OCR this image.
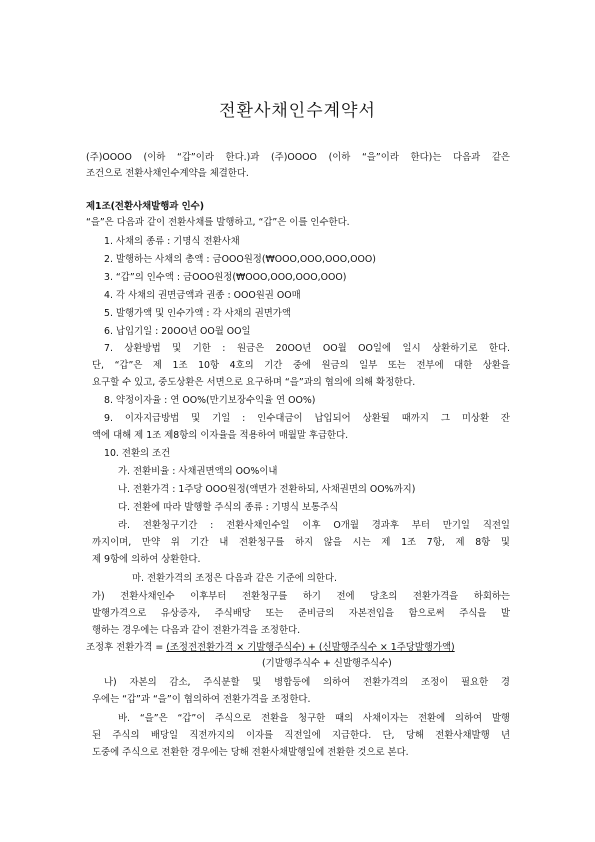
전환사채인수계약서
(주)OOOO (이하 “갑”이라 한다.)과 (주)OOOO (이하 “을”이라 한다)는 다음과 같은
조건으로 전환사채인수계약을 체결한다.
제1조(전환사채발행과 인수)
“을”은 다음과 같이 전환사채를 발행하고, “갑”은 이를 인수한다.
1. 사채의 종류 : 기명식 전환사채
2. 발행하는 사채의 총액 : 금OOO원정(₩OOO,OOO,OOO,OOO)
3. “갑”의 인수액 : 금OOO원정(₩OOO,OOO,OOO,OOO)
4. 각 사채의 권면금액과 권종 : OOO원권 OO매
5. 발행가액 및 인수가액 : 각 사채의 권면가액
6. 납입기일 : 20OO년 OO월 OO일
7. 상환방법 및 기한 : 원금은 20OO년 OO월 OO일에 일시 상환하기로 한다.
단, “갑”은 제 1조 10항 4호의 기간 중에 원금의 일부 또는 전부에 대한 상환을
요구할 수 있고, 중도상환은 서면으로 요구하며 “을”과의 협의에 의해 확정한다.
8. 약정이자율 : 연 OO%(만기보장수익율 연 OO%)
9. 이자지급방법 및 기일 : 인수대금이 납입되어 상환될 때까지 그 미상환 잔
액에 대해 제 1조 제8항의 이자율을 적용하여 매월말 후급한다.
10. 전환의 조건
가. 전환비율 : 사채권면액의 OO%이내
나. 전환가격 : 1주당 OOO원정(액면가 전환하되, 사채권면의 OO%까지)
다. 전환에 따라 발행할 주식의 종류 : 기명식 보통주식
라. 전환청구기간 : 전환사채인수일 이후 O개월 경과후 부터 만기일 직전일
까지이며, 만약 위 기간 내 전환청구를 하지 않을 시는 제 1조 7항, 제 8항 및
제 9항에 의하여 상환한다.
마. 전환가격의 조정은 다음과 같은 기준에 의한다.
가) 전환사채인수 이후부터 전환청구를 하기 전에 당초의 전환가격을 하회하는
발행가격으로 유상증자, 주식배당 또는 준비금의 자본전입을 함으로써 주식을 발
행하는 경우에는 다음과 같이 전환가격을 조정한다.
조정후 전환가격 = (조정전전환가격 × 기발행주식수) + (신발행주식수 × 1주당발행가액)
(기발행주식수 + 신발행주식수)
나) 자본의 감소, 주식분할 및 병합등에 의하여 전환가격의 조정이 필요한 경
우에는 “갑”과 “을”이 협의하여 전환가격을 조정한다.
바. “을”은 “갑”이 주식으로 전환을 청구한 때의 사채이자는 전환에 의하여 발행
된 주식의 배당일 직전까지의 이자를 직전일에 지급한다. 단, 당해 전환사채발행 년
도중에 주식으로 전환한 경우에는 당해 전환사채발행일에 전환한 것으로 본다.
